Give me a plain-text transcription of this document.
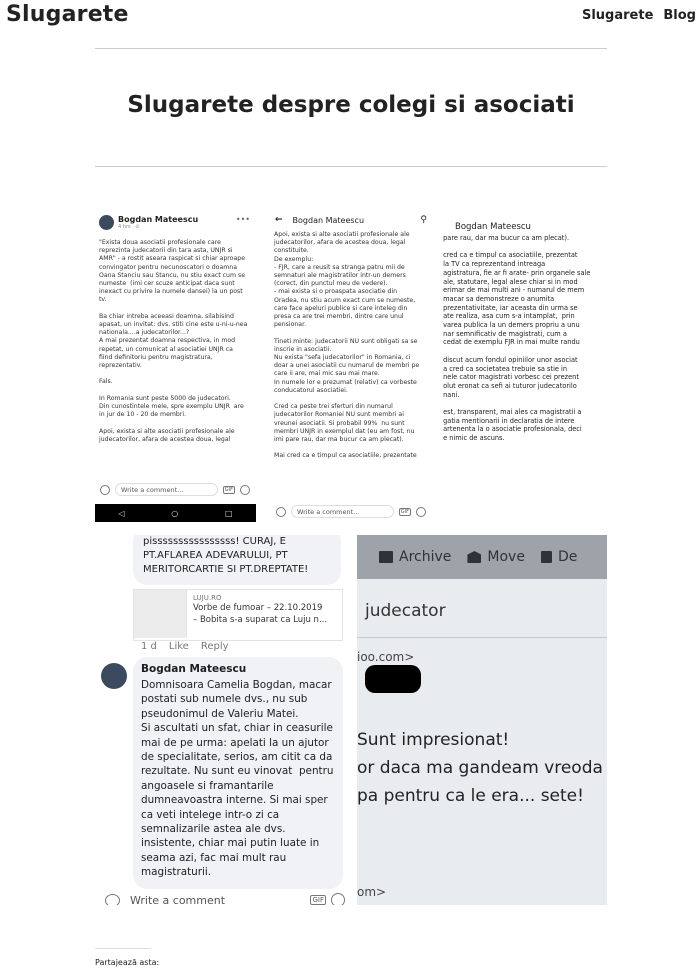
Slugarete	Slugarete Blog
Slugarete despre colegi si asociati
Bogdan Mateescu
4 hrs · ⊙
•••
"Exista doua asociatii profesionale care
reprezinta judecatorii din tara asta, UNJR si
AMR" - a rostit aseara raspicat si chiar aproape
convingator pentru necunoscatori o doamna
Oana Stanciu sau Stancu, nu stiu exact cum se
numeste  (imi cer scuze anticipat daca sunt
inexact cu privire la numele dansei) la un post
tv.

Ba chiar intreba aceeasi doamna, silabisind
apasat, un invitat: dvs. stiti cine este u-ni-u-nea
nationala....a judecatorilor...?
A mai prezentat doamna respectiva, in mod
repetat, un comunicat al asociatiei UNJR ca
fiind definitoriu pentru magistratura,
reprezentativ.

Fals.

In Romania sunt peste 5000 de judecatori.
Din cunostintele mele, spre exemplu UNJR  are
in jur de 10 - 20 de membri.

Apoi, exista si alte asociatii profesionale ale
judecatorilor, afara de acestea doua, legal
Write a comment...	GIF
◁	○	□
← Bogdan Mateescu	⚲
Apoi, exista si alte asociatii profesionale ale
judecatorilor, afara de acestea doua, legal
constituite.
De exemplu:
- FJR, care a reusit sa stranga patru mii de
semnaturi ale magistratilor intr-un demers
(corect, din punctul meu de vedere).
- mai exista si o proaspata asociatie din
Oradea, nu stiu acum exact cum se numeste,
care face apeluri publice si care inteleg din
presa ca are trei membri, dintre care unul
pensionar.

Tineti minte: judecatorii NU sunt obligati sa se
inscrie in asociatii.
Nu exista "sefa judecatorilor" in Romania, ci
doar a unei asociatii cu numarul de membri pe
care ii are, mai mic sau mai mare.
In numele lor e prezumat (relativ) ca vorbeste
conducatorul asociatiei.

Cred ca peste trei sferturi din numarul
judecatorilor Romaniei NU sunt membri ai
vreunei asociatii. Si probabil 99%  nu sunt
membri UNJR in exemplul dat (eu am fost, nu
imi pare rau, dar ma bucur ca am plecat).

Mai cred ca e timpul ca asociatiile, prezentate
Write a comment...	GIF
Bogdan Mateescu
pare rau, dar ma bucur ca am plecat).

cred ca e timpul ca asociatiile, prezentat
la TV ca reprezentand intreaga
agistratura, fie ar fi arate- prin organele sale
ale, statutare, legal alese chiar si in mod
erimar de mai multi ani - numarul de mem
macar sa demonstreze o anumita
prezentativitate, iar aceasta din urma se
ate realiza, asa cum s-a intamplat,  prin
varea publica la un demers propriu a unu
nar semnificativ de magistrati, cum a
cedat de exemplu FJR in mai multe randu

discut acum fondul opiniilor unor asociat
a cred ca societatea trebuie sa stie in
nele cator magistrati vorbesc cei prezent
olut eronat ca sefi ai tuturor judecatorilo
nani.

est, transparent, mai ales ca magistratii a
gatia mentionarii in declaratia de intere
artenenta la o asociatie profesionala, deci
e nimic de ascuns.
pissssssssssssssss! CURAJ, E
PT.AFLAREA ADEVARULUI, PT
MERITORCARTIE SI PT.DREPTATE!
LUJU.RO
Vorbe de fumoar – 22.10.2019
– Bobita s-a suparat ca Luju n...
1 d Like Reply
Bogdan Mateescu
Domnisoara Camelia Bogdan, macar
postati sub numele dvs., nu sub
pseudonimul de Valeriu Matei.
Si ascultati un sfat, chiar in ceasurile
mai de pe urma: apelati la un ajutor
de specialitate, serios, am citit ca da
rezultate. Nu sunt eu vinovat  pentru
angoasele si framantarile
dumneavoastra interne. Si mai sper
ca veti intelege intr-o zi ca
semnalizarile astea ale dvs.
insistente, chiar mai putin luate in
seama azi, fac mai mult rau
magistraturii.
Write a comment	GIF
Archive	Move De
judecator
ioo.com>
Sunt impresionat!
or daca ma gandeam vreoda
pa pentru ca le era... sete!
om>
Partajează asta:
